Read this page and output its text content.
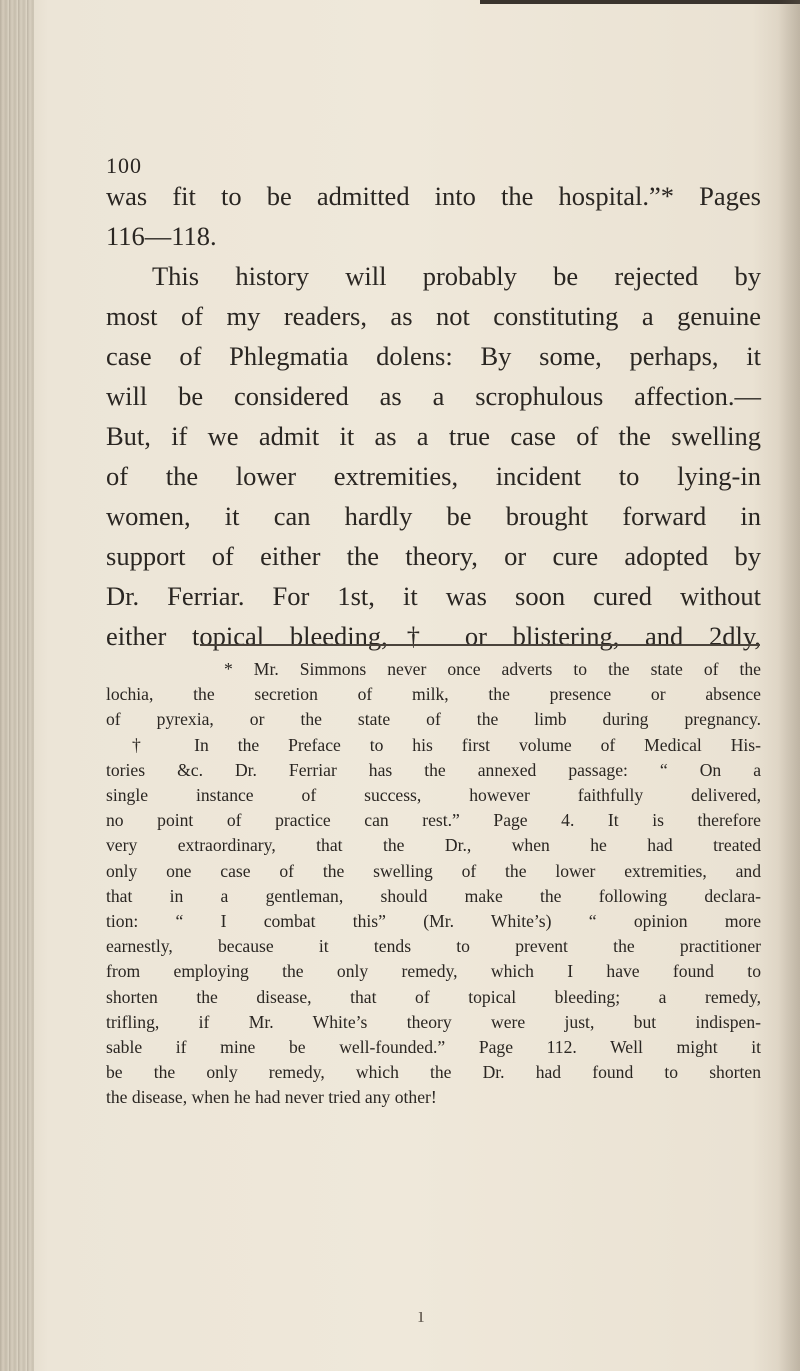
100
was fit to be admitted into the hospital.”* Pages
116—118.
This history will probably be rejected by
most of my readers, as not constituting a genuine
case of Phlegmatia dolens: By some, perhaps, it
will be considered as a scrophulous affection.—
But, if we admit it as a true case of the swelling
of the lower extremities, incident to lying-in
women, it can hardly be brought forward in
support of either the theory, or cure adopted by
Dr. Ferriar. For 1st, it was soon cured without
either topical bleeding,† or blistering, and 2dly,
* Mr. Simmons never once adverts to the state of the
lochia, the secretion of milk, the presence or absence
of pyrexia, or the state of the limb during pregnancy.
† In the Preface to his first volume of Medical His-
tories &c. Dr. Ferriar has the annexed passage: “ On a
single instance of success, however faithfully delivered,
no point of practice can rest.” Page 4. It is therefore
very extraordinary, that the Dr., when he had treated
only one case of the swelling of the lower extremities, and
that in a gentleman, should make the following declara-
tion: “ I combat this” (Mr. White’s) “ opinion more
earnestly, because it tends to prevent the practitioner
from employing the only remedy, which I have found to
shorten the disease, that of topical bleeding; a remedy,
trifling, if Mr. White’s theory were just, but indispen-
sable if mine be well-founded.” Page 112. Well might it
be the only remedy, which the Dr. had found to shorten
the disease, when he had never tried any other!
ı
